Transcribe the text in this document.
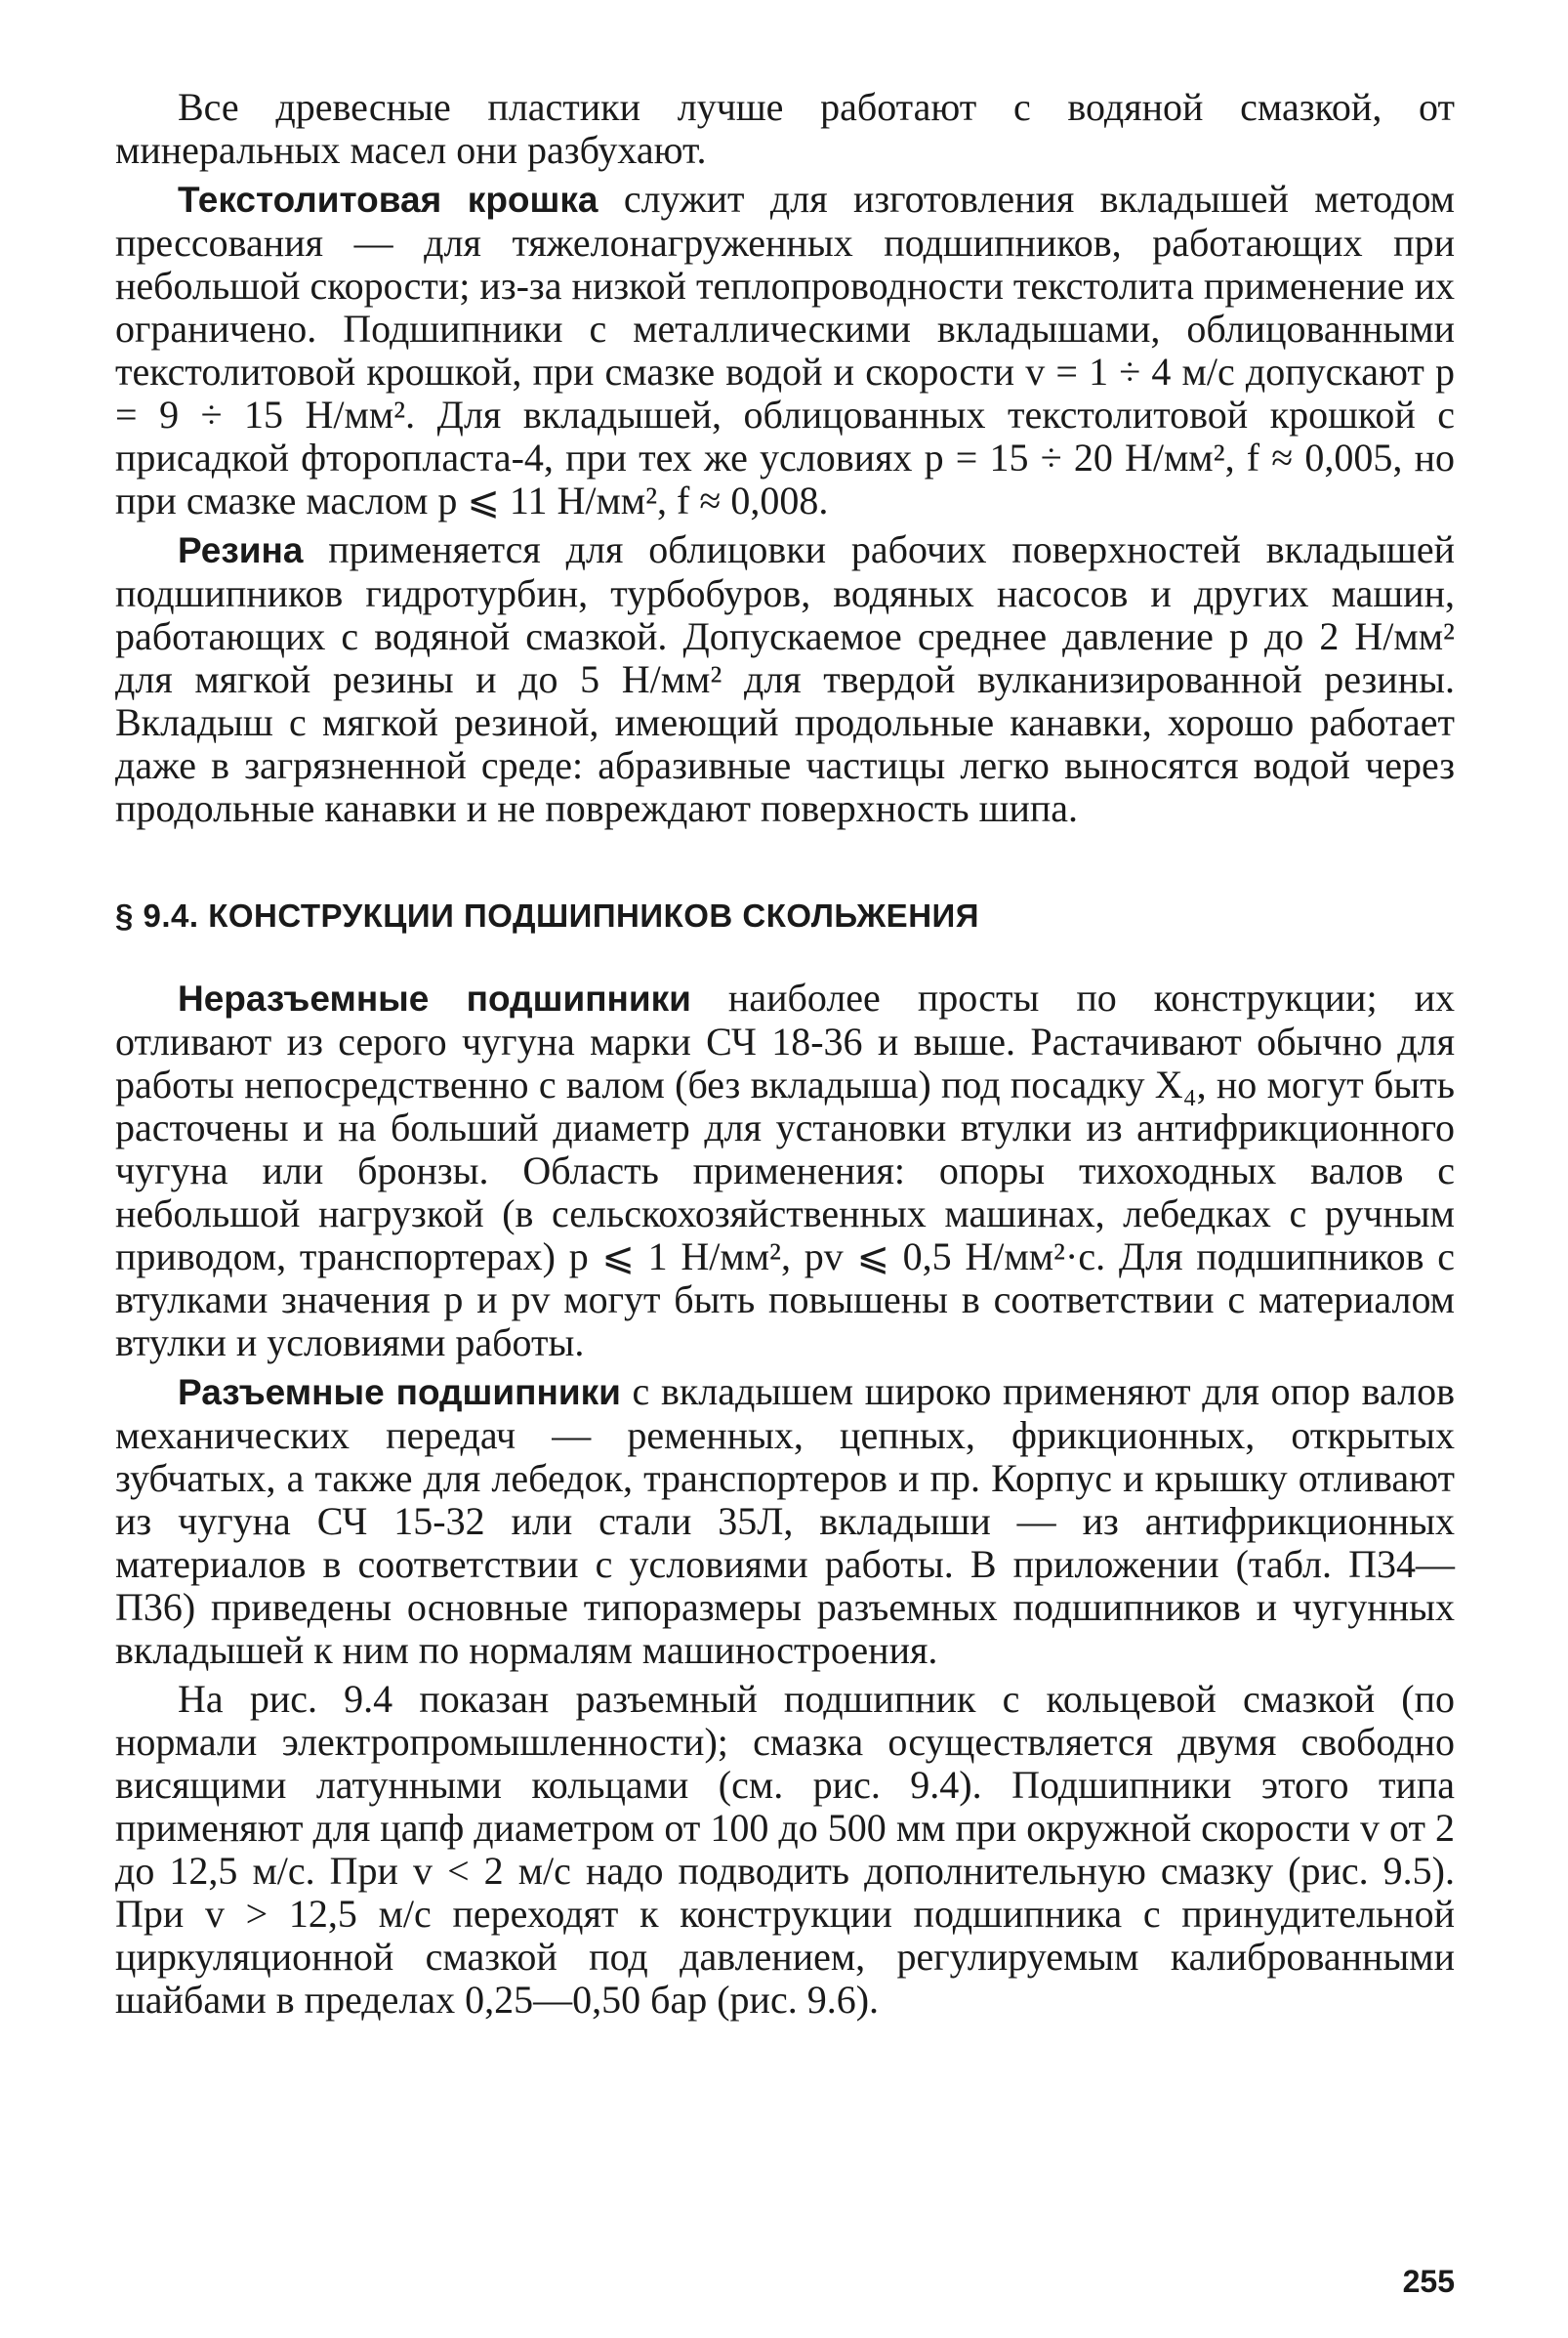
Все древесные пластики лучше работают с водяной смазкой, от минеральных масел они разбухают.

Текстолитовая крошка служит для изготовления вкладышей методом прессования — для тяжелонагруженных подшипников, работающих при небольшой скорости; из-за низкой теплопроводности текстолита применение их ограничено. Подшипники с металлическими вкладышами, облицованными текстолитовой крошкой, при смазке водой и скорости v = 1 ÷ 4 м/с допускают p = 9 ÷ 15 Н/мм². Для вкладышей, облицованных текстолитовой крошкой с присадкой фторопласта-4, при тех же условиях p = 15 ÷ 20 Н/мм², f ≈ 0,005, но при смазке маслом p ⩽ 11 Н/мм², f ≈ 0,008.

Резина применяется для облицовки рабочих поверхностей вкладышей подшипников гидротурбин, турбобуров, водяных насосов и других машин, работающих с водяной смазкой. Допускаемое среднее давление p до 2 Н/мм² для мягкой резины и до 5 Н/мм² для твердой вулканизированной резины. Вкладыш с мягкой резиной, имеющий продольные канавки, хорошо работает даже в загрязненной среде: абразивные частицы легко выносятся водой через продольные канавки и не повреждают поверхность шипа.

§ 9.4. КОНСТРУКЦИИ ПОДШИПНИКОВ СКОЛЬЖЕНИЯ

Неразъемные подшипники наиболее просты по конструкции; их отливают из серого чугуна марки СЧ 18-36 и выше. Растачивают обычно для работы непосредственно с валом (без вкладыша) под посадку X₄, но могут быть расточены и на больший диаметр для установки втулки из антифрикционного чугуна или бронзы. Область применения: опоры тихоходных валов с небольшой нагрузкой (в сельскохозяйственных машинах, лебедках с ручным приводом, транспортерах) p ⩽ 1 Н/мм², pv ⩽ 0,5 Н/мм²·с. Для подшипников с втулками значения p и pv могут быть повышены в соответствии с материалом втулки и условиями работы.

Разъемные подшипники с вкладышем широко применяют для опор валов механических передач — ременных, цепных, фрикционных, открытых зубчатых, а также для лебедок, транспортеров и пр. Корпус и крышку отливают из чугуна СЧ 15-32 или стали 35Л, вкладыши — из антифрикционных материалов в соответствии с условиями работы. В приложении (табл. П34—П36) приведены основные типоразмеры разъемных подшипников и чугунных вкладышей к ним по нормалям машиностроения.

На рис. 9.4 показан разъемный подшипник с кольцевой смазкой (по нормали электропромышленности); смазка осуществляется двумя свободно висящими латунными кольцами (см. рис. 9.4). Подшипники этого типа применяют для цапф диаметром от 100 до 500 мм при окружной скорости v от 2 до 12,5 м/с. При v < 2 м/с надо подводить дополнительную смазку (рис. 9.5). При v > 12,5 м/с переходят к конструкции подшипника с принудительной циркуляционной смазкой под давлением, регулируемым калиброванными шайбами в пределах 0,25—0,50 бар (рис. 9.6).

255
